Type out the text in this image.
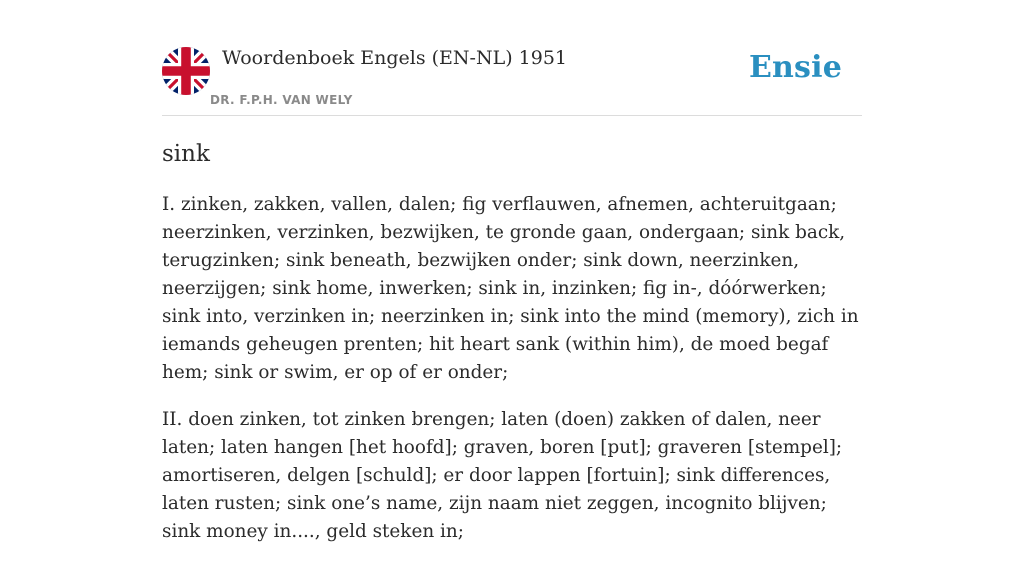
Woordenboek Engels (EN-NL) 1951
DR. F.P.H. VAN WELY
Ensie
sink

I. zinken, zakken, vallen, dalen; fig verflauwen, afnemen, achteruitgaan; neerzinken, verzinken, bezwijken, te gronde gaan, ondergaan; sink back, terugzinken; sink beneath, bezwijken onder; sink down, neerzinken, neerzijgen; sink home, inwerken; sink in, inzinken; fig in-, dóórwerken; sink into, verzinken in; neerzinken in; sink into the mind (memory), zich in iemands geheugen prenten; hit heart sank (within him), de moed begaf hem; sink or swim, er op of er onder;

II. doen zinken, tot zinken brengen; laten (doen) zakken of dalen, neer laten; laten hangen [het hoofd]; graven, boren [put]; graveren [stempel]; amortiseren, delgen [schuld]; er door lappen [fortuin]; sink differences, laten rusten; sink one’s name, zijn naam niet zeggen, incognito blijven; sink money in...., geld steken in;
